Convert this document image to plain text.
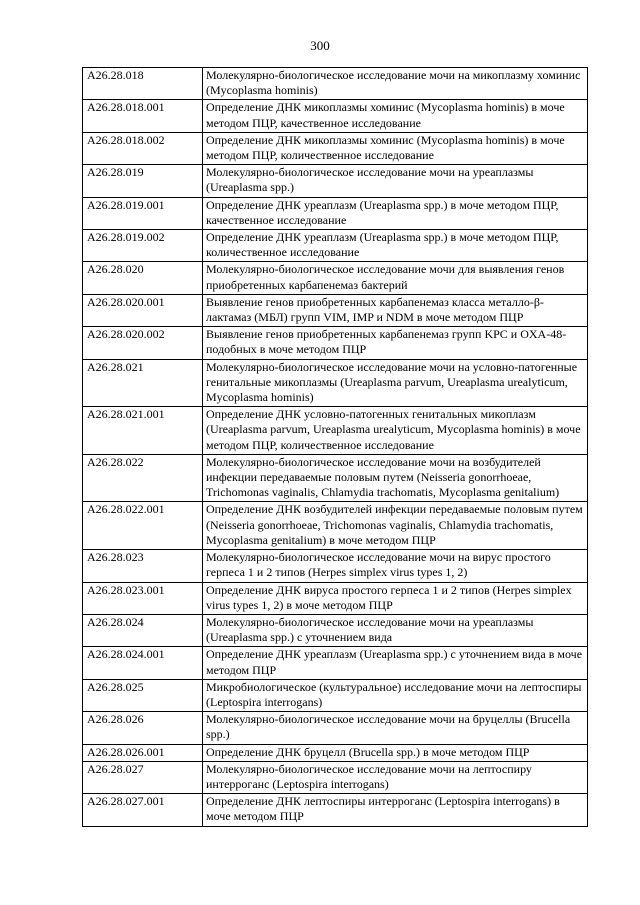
300
A26.28.018	Молекулярно-биологическое исследование мочи на микоплазму хоминис (Mycoplasma hominis)
A26.28.018.001	Определение ДНК микоплазмы хоминис (Mycoplasma hominis) в моче методом ПЦР, качественное исследование
A26.28.018.002	Определение ДНК микоплазмы хоминис (Mycoplasma hominis) в моче методом ПЦР, количественное исследование
A26.28.019	Молекулярно-биологическое исследование мочи на уреаплазмы (Ureaplasma spp.)
A26.28.019.001	Определение ДНК уреаплазм (Ureaplasma spp.) в моче методом ПЦР, качественное исследование
A26.28.019.002	Определение ДНК уреаплазм (Ureaplasma spp.) в моче методом ПЦР, количественное исследование
A26.28.020	Молекулярно-биологическое исследование мочи для выявления генов приобретенных карбапенемаз бактерий
A26.28.020.001	Выявление генов приобретенных карбапенемаз класса металло-β-лактамаз (МБЛ) групп VIM, IMP и NDM в моче методом ПЦР
A26.28.020.002	Выявление генов приобретенных карбапенемаз групп KPC и OXA-48-подобных в моче методом ПЦР
A26.28.021	Молекулярно-биологическое исследование мочи на условно-патогенные генитальные микоплазмы (Ureaplasma parvum, Ureaplasma urealyticum, Mycoplasma hominis)
A26.28.021.001	Определение ДНК условно-патогенных генитальных микоплазм (Ureaplasma parvum, Ureaplasma urealyticum, Mycoplasma hominis) в моче методом ПЦР, количественное исследование
A26.28.022	Молекулярно-биологическое исследование мочи на возбудителей инфекции передаваемые половым путем (Neisseria gonorrhoeae, Trichomonas vaginalis, Chlamydia trachomatis, Mycoplasma genitalium)
A26.28.022.001	Определение ДНК возбудителей инфекции передаваемые половым путем (Neisseria gonorrhoeae, Trichomonas vaginalis, Chlamydia trachomatis, Mycoplasma genitalium) в моче методом ПЦР
A26.28.023	Молекулярно-биологическое исследование мочи на вирус простого герпеса 1 и 2 типов (Herpes simplex virus types 1, 2)
A26.28.023.001	Определение ДНК вируса простого герпеса 1 и 2 типов (Herpes simplex virus types 1, 2) в моче методом ПЦР
A26.28.024	Молекулярно-биологическое исследование мочи на уреаплазмы (Ureaplasma spp.) с уточнением вида
A26.28.024.001	Определение ДНК уреаплазм (Ureaplasma spp.) с уточнением вида в моче методом ПЦР
A26.28.025	Микробиологическое (культуральное) исследование мочи на лептоспиры (Leptospira interrogans)
A26.28.026	Молекулярно-биологическое исследование мочи на бруцеллы (Brucella spp.)
A26.28.026.001	Определение ДНК бруцелл (Brucella spp.) в моче методом ПЦР
A26.28.027	Молекулярно-биологическое исследование мочи на лептоспиру интерроганс (Leptospira interrogans)
A26.28.027.001	Определение ДНК лептоспиры интерроганс (Leptospira interrogans) в моче методом ПЦР
